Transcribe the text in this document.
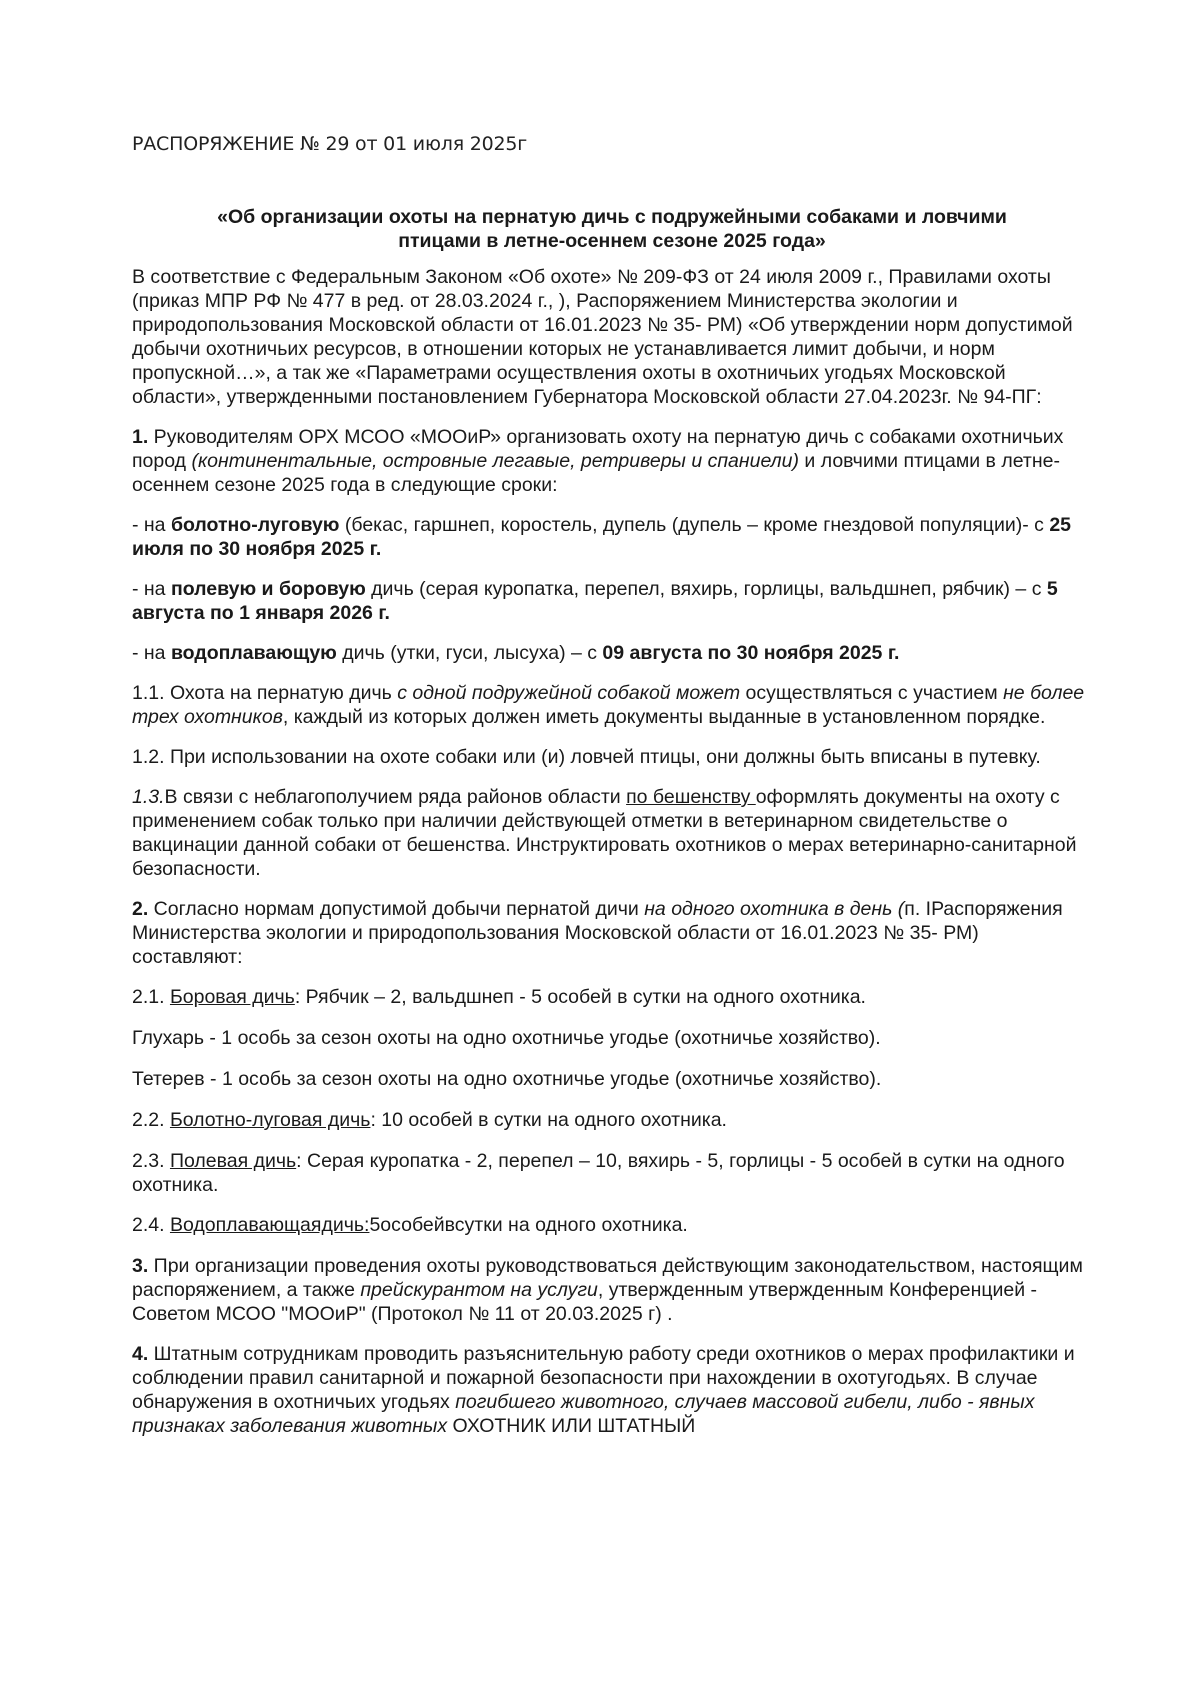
РАСПОРЯЖЕНИЕ № 29 от 01 июля 2025г
«Об организации охоты на пернатую дичь с подружейными собаками и ловчими
птицами в летне-осеннем сезоне 2025 года»

В соответствие с Федеральным Законом «Об охоте» № 209-ФЗ от 24 июля 2009 г., Правилами охоты (приказ МПР РФ № 477 в ред. от 28.03.2024 г., ), Распоряжением Министерства экологии и природопользования Московской области от 16.01.2023 № 35- РМ) «Об утверждении норм допустимой добычи охотничьих ресурсов, в отношении которых не устанавливается лимит добычи, и норм пропускной…», а так же «Параметрами осуществления охоты в охотничьих угодьях Московской области», утвержденными постановлением Губернатора Московской области 27.04.2023г. № 94-ПГ:

1. Руководителям ОРХ МСОО «МООиР» организовать охоту на пернатую дичь с собаками охотничьих пород (континентальные, островные легавые, ретриверы и спаниели) и ловчими птицами в летне-осеннем сезоне 2025 года в следующие сроки:

- на болотно-луговую (бекас, гаршнеп, коростель, дупель (дупель – кроме гнездовой популяции)- с 25 июля по 30 ноября 2025 г.

- на полевую и боровую дичь (серая куропатка, перепел, вяхирь, горлицы, вальдшнеп, рябчик) – с 5 августа по 1 января 2026 г.

- на водоплавающую дичь (утки, гуси, лысуха) – с 09 августа по 30 ноября 2025 г.

1.1. Охота на пернатую дичь с одной подружейной собакой может осуществляться с участием не более трех охотников, каждый из которых должен иметь документы выданные в установленном порядке.

1.2. При использовании на охоте собаки или (и) ловчей птицы, они должны быть вписаны в путевку.

1.3.В связи с неблагополучием ряда районов области по бешенству оформлять документы на охоту с применением собак только при наличии действующей отметки в ветеринарном свидетельстве о вакцинации данной собаки от бешенства. Инструктировать охотников о мерах ветеринарно-санитарной безопасности.

2. Согласно нормам допустимой добычи пернатой дичи на одного охотника в день (п. IРаспоряжения Министерства экологии и природопользования Московской области от 16.01.2023 № 35- РМ) составляют:

2.1. Боровая дичь: Рябчик – 2, вальдшнеп - 5 особей в сутки на одного охотника.

Глухарь - 1 особь за сезон охоты на одно охотничье угодье (охотничье хозяйство).

Тетерев - 1 особь за сезон охоты на одно охотничье угодье (охотничье хозяйство).

2.2. Болотно-луговая дичь: 10 особей в сутки на одного охотника.

2.3. Полевая дичь: Серая куропатка - 2, перепел – 10, вяхирь - 5, горлицы - 5 особей в сутки на одного охотника.

2.4. Водоплавающаядичь:5особейвсутки на одного охотника.

3. При организации проведения охоты руководствоваться действующим законодательством, настоящим распоряжением, а также прейскурантом на услуги, утвержденным утвержденным Конференцией - Советом МСОО "МООиР" (Протокол № 11 от 20.03.2025 г) .

4. Штатным сотрудникам проводить разъяснительную работу среди охотников о мерах профилактики и соблюдении правил санитарной и пожарной безопасности при нахождении в охотугодьях. В случае обнаружения в охотничьих угодьях погибшего животного, случаев массовой гибели, либо - явных признаках заболевания животных ОХОТНИК ИЛИ ШТАТНЫЙ
